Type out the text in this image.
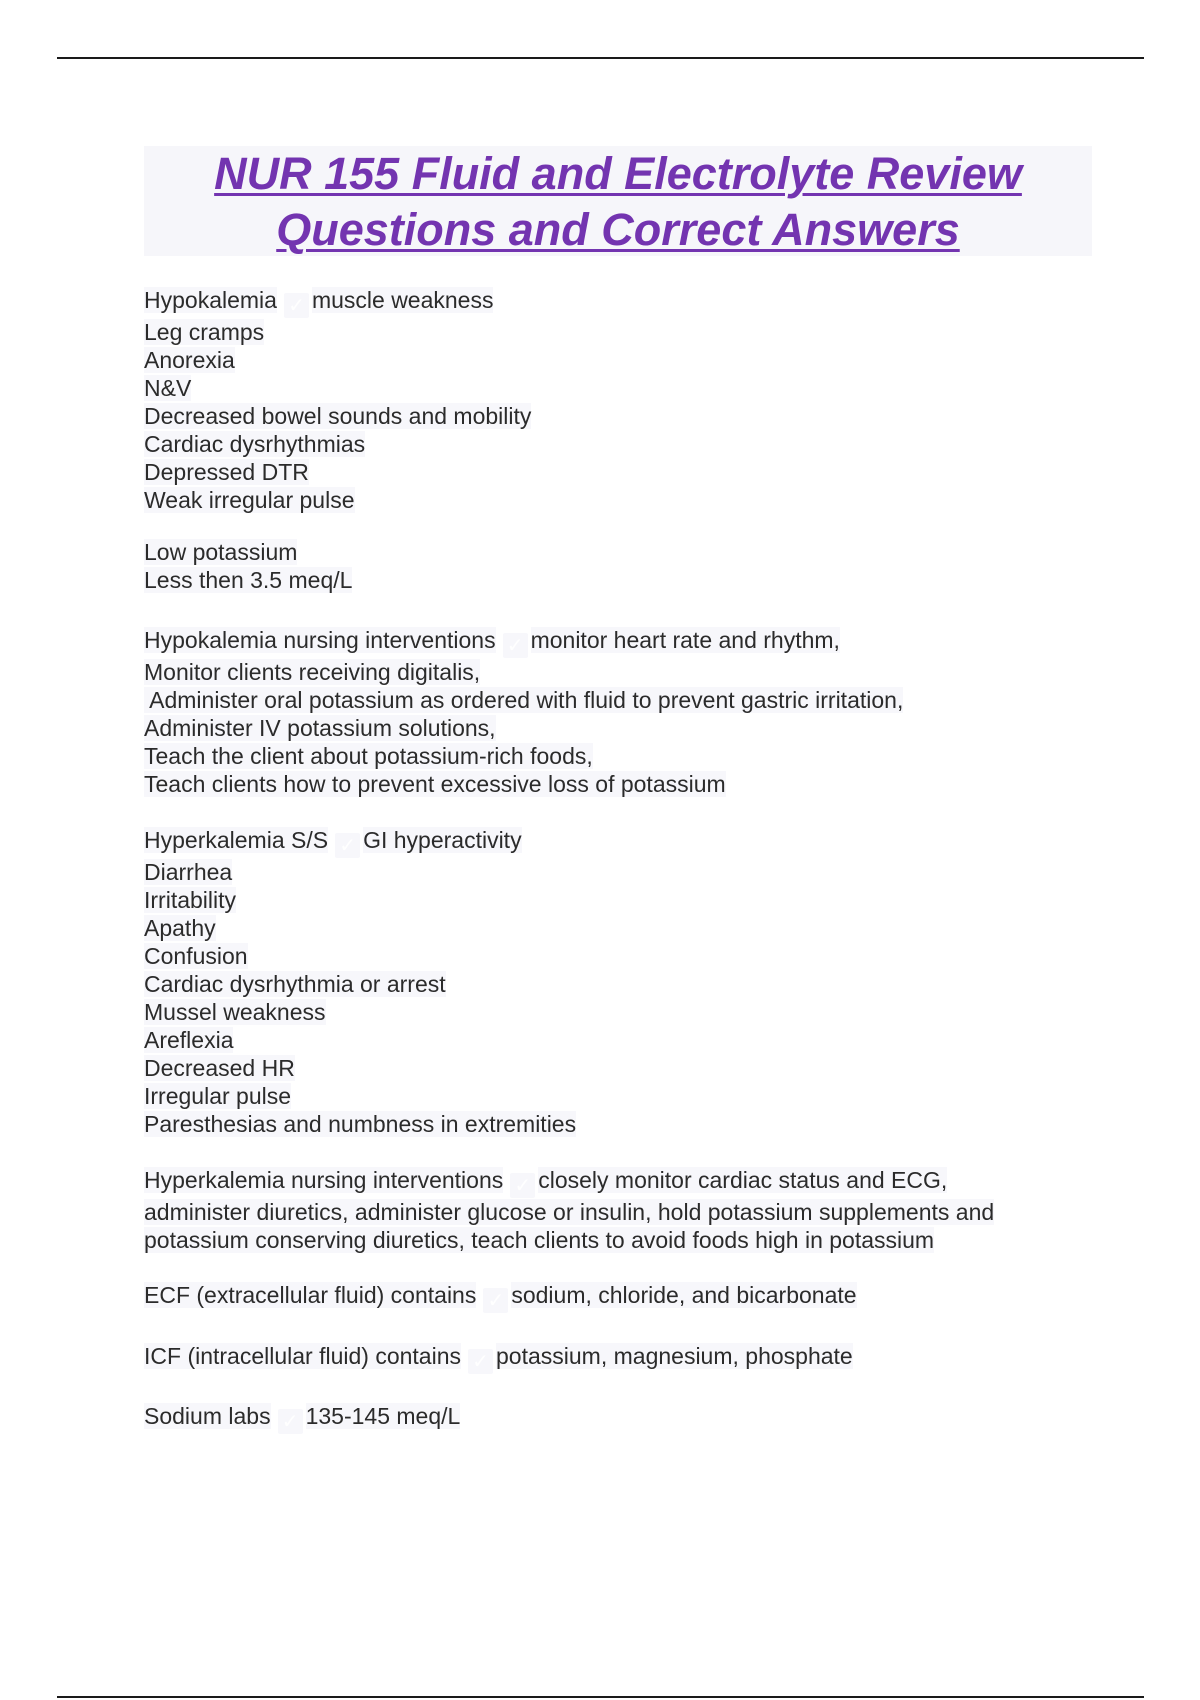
NUR 155 Fluid and Electrolyte Review
Questions and Correct Answers
Hypokalemia ✓ muscle weakness
Leg cramps
Anorexia
N&V
Decreased bowel sounds and mobility
Cardiac dysrhythmias
Depressed DTR
Weak irregular pulse
Low potassium
Less then 3.5 meq/L
Hypokalemia nursing interventions ✓ monitor heart rate and rhythm,
Monitor clients receiving digitalis,
Administer oral potassium as ordered with fluid to prevent gastric irritation,
Administer IV potassium solutions,
Teach the client about potassium-rich foods,
Teach clients how to prevent excessive loss of potassium
Hyperkalemia S/S ✓ GI hyperactivity
Diarrhea
Irritability
Apathy
Confusion
Cardiac dysrhythmia or arrest
Mussel weakness
Areflexia
Decreased HR
Irregular pulse
Paresthesias and numbness in extremities
Hyperkalemia nursing interventions ✓ closely monitor cardiac status and ECG,
administer diuretics, administer glucose or insulin, hold potassium supplements and
potassium conserving diuretics, teach clients to avoid foods high in potassium
ECF (extracellular fluid) contains ✓ sodium, chloride, and bicarbonate
ICF (intracellular fluid) contains ✓ potassium, magnesium, phosphate
Sodium labs ✓ 135-145 meq/L
